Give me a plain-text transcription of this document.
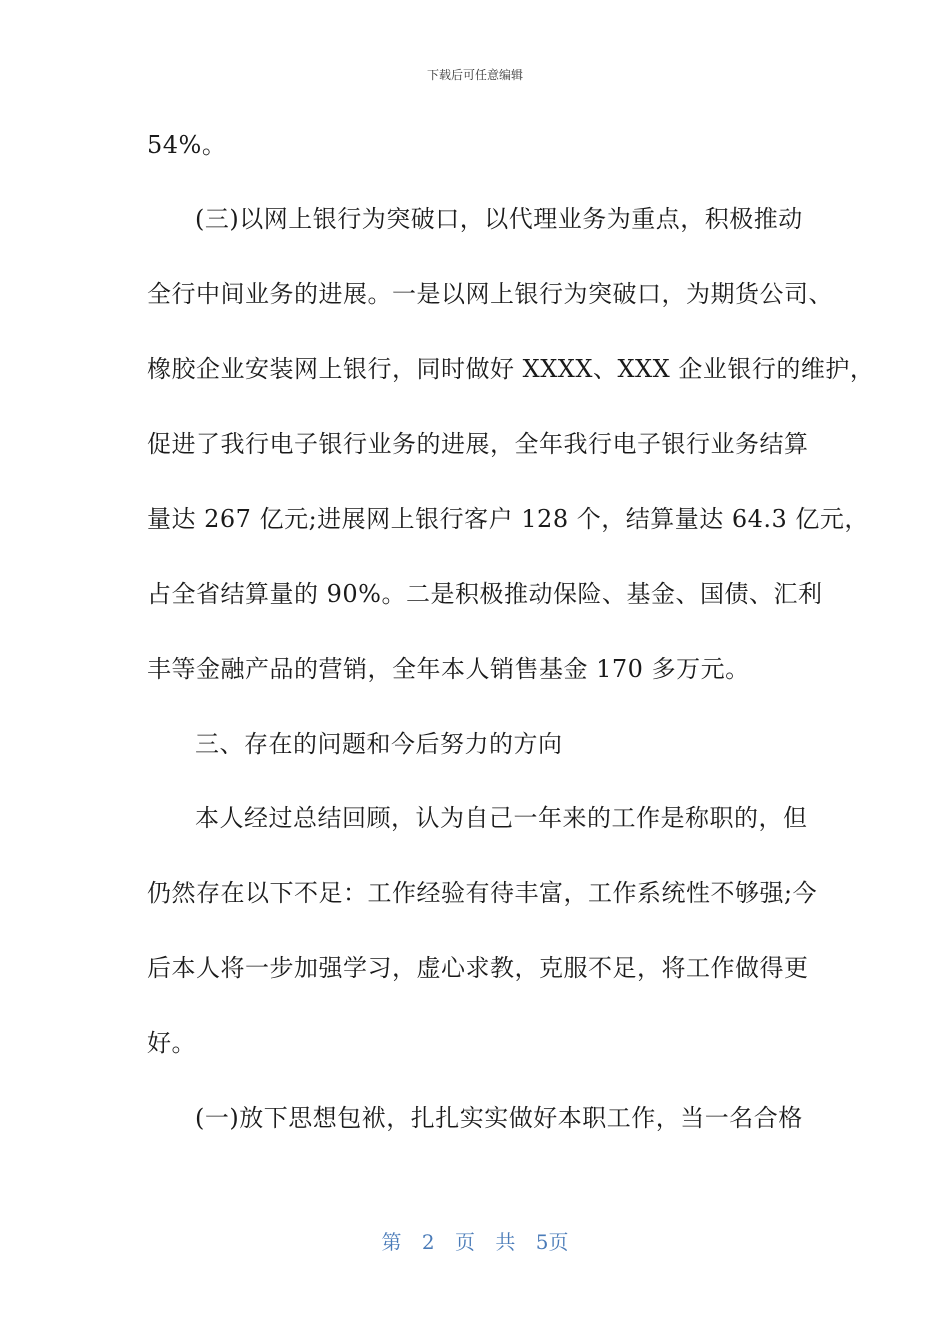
下载后可任意编辑
54%。
(三)以网上银行为突破口，以代理业务为重点，积极推动
全行中间业务的进展。一是以网上银行为突破口，为期货公司、
橡胶企业安装网上银行，同时做好 XXXX、XXX 企业银行的维护，
促进了我行电子银行业务的进展，全年我行电子银行业务结算
量达 267 亿元;进展网上银行客户 128 个，结算量达 64.3 亿元，
占全省结算量的 90%。二是积极推动保险、基金、国债、汇利
丰等金融产品的营销，全年本人销售基金 170 多万元。
三、存在的问题和今后努力的方向
本人经过总结回顾，认为自己一年来的工作是称职的，但
仍然存在以下不足：工作经验有待丰富，工作系统性不够强;今
后本人将一步加强学习，虚心求教，克服不足，将工作做得更
好。
(一)放下思想包袱，扎扎实实做好本职工作，当一名合格
第 2 页 共 5页
